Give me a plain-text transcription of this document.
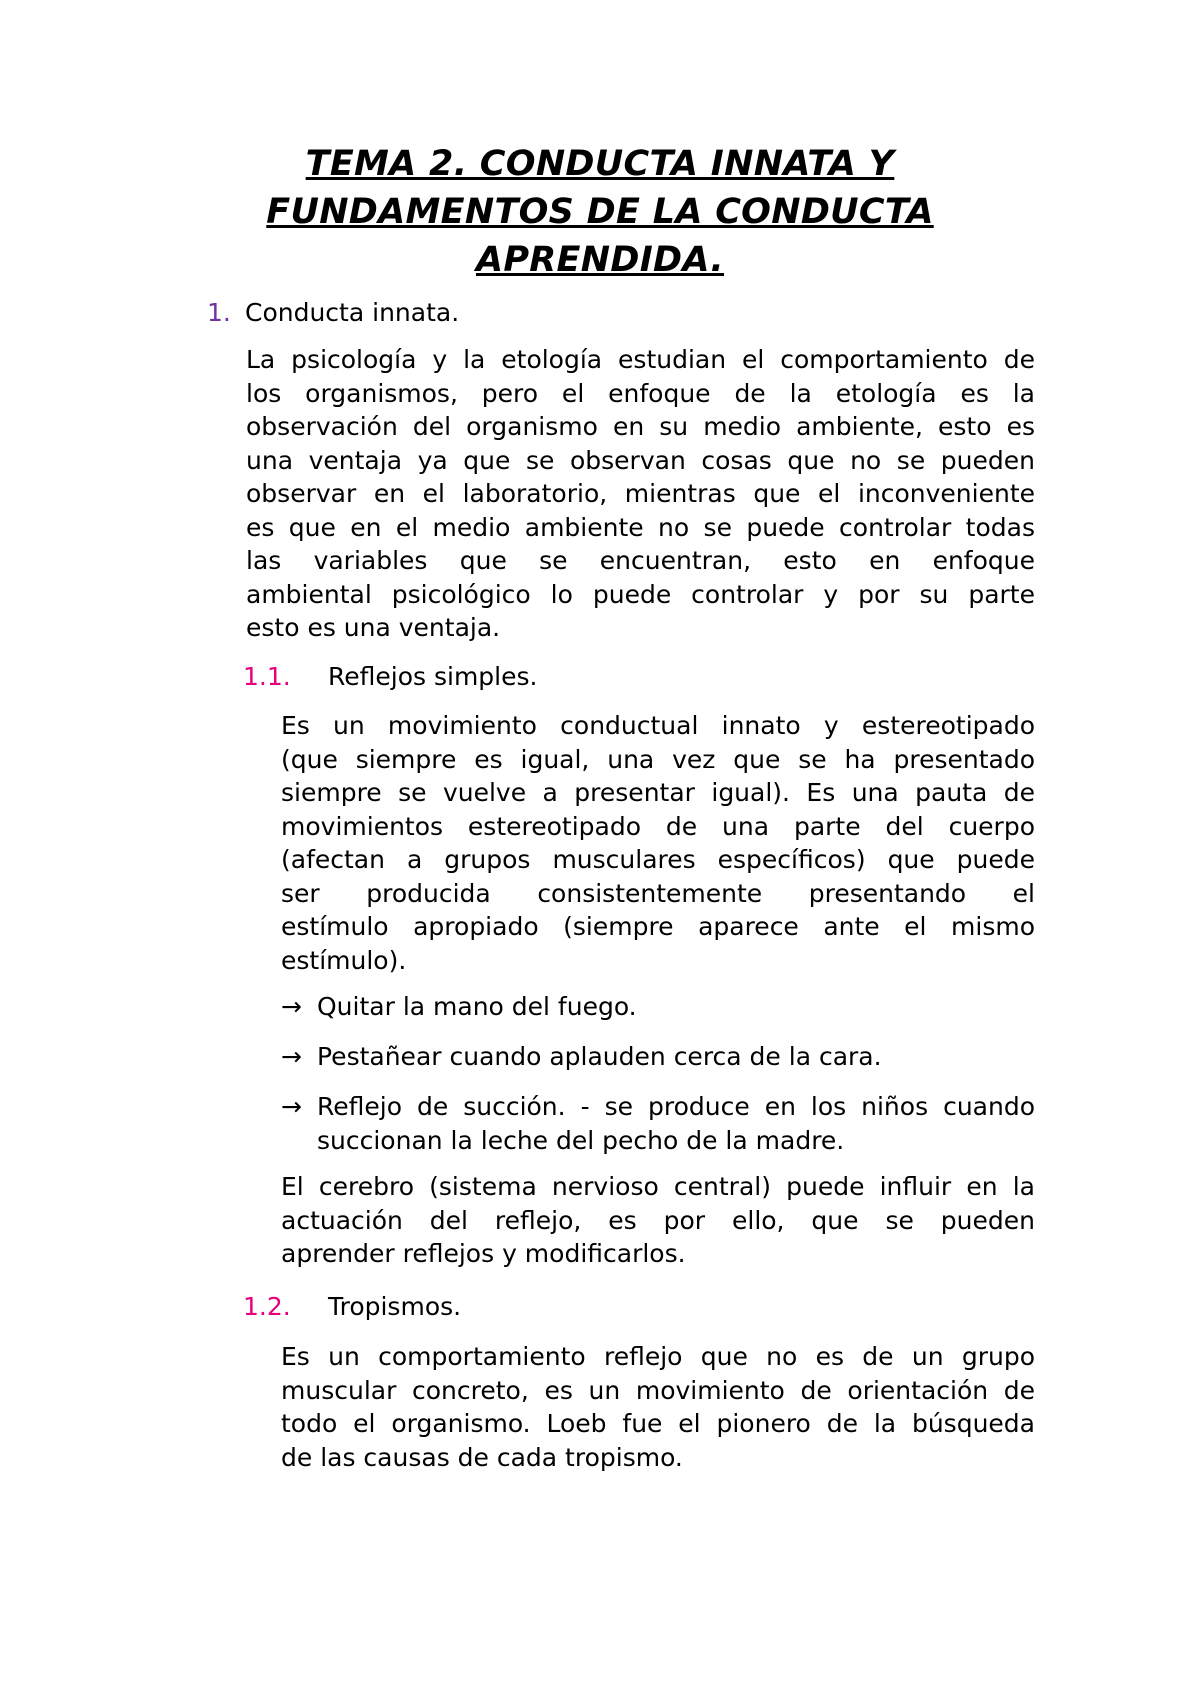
TEMA 2. CONDUCTA INNATA Y
FUNDAMENTOS DE LA CONDUCTA
APRENDIDA.
1. Conducta innata.
La psicología y la etología estudian el comportamiento de
los organismos, pero el enfoque de la etología es la
observación del organismo en su medio ambiente, esto es
una ventaja ya que se observan cosas que no se pueden
observar en el laboratorio, mientras que el inconveniente
es que en el medio ambiente no se puede controlar todas
las variables que se encuentran, esto en enfoque
ambiental psicológico lo puede controlar y por su parte
esto es una ventaja.
1.1. Reflejos simples.
Es un movimiento conductual innato y estereotipado
(que siempre es igual, una vez que se ha presentado
siempre se vuelve a presentar igual). Es una pauta de
movimientos estereotipado de una parte del cuerpo
(afectan a grupos musculares específicos) que puede
ser producida consistentemente presentando el
estímulo apropiado (siempre aparece ante el mismo
estímulo).
→ Quitar la mano del fuego.
→ Pestañear cuando aplauden cerca de la cara.
→ Reflejo de succión. - se produce en los niños cuando
succionan la leche del pecho de la madre.
El cerebro (sistema nervioso central) puede influir en la
actuación del reflejo, es por ello, que se pueden
aprender reflejos y modificarlos.
1.2. Tropismos.
Es un comportamiento reflejo que no es de un grupo
muscular concreto, es un movimiento de orientación de
todo el organismo. Loeb fue el pionero de la búsqueda
de las causas de cada tropismo.
